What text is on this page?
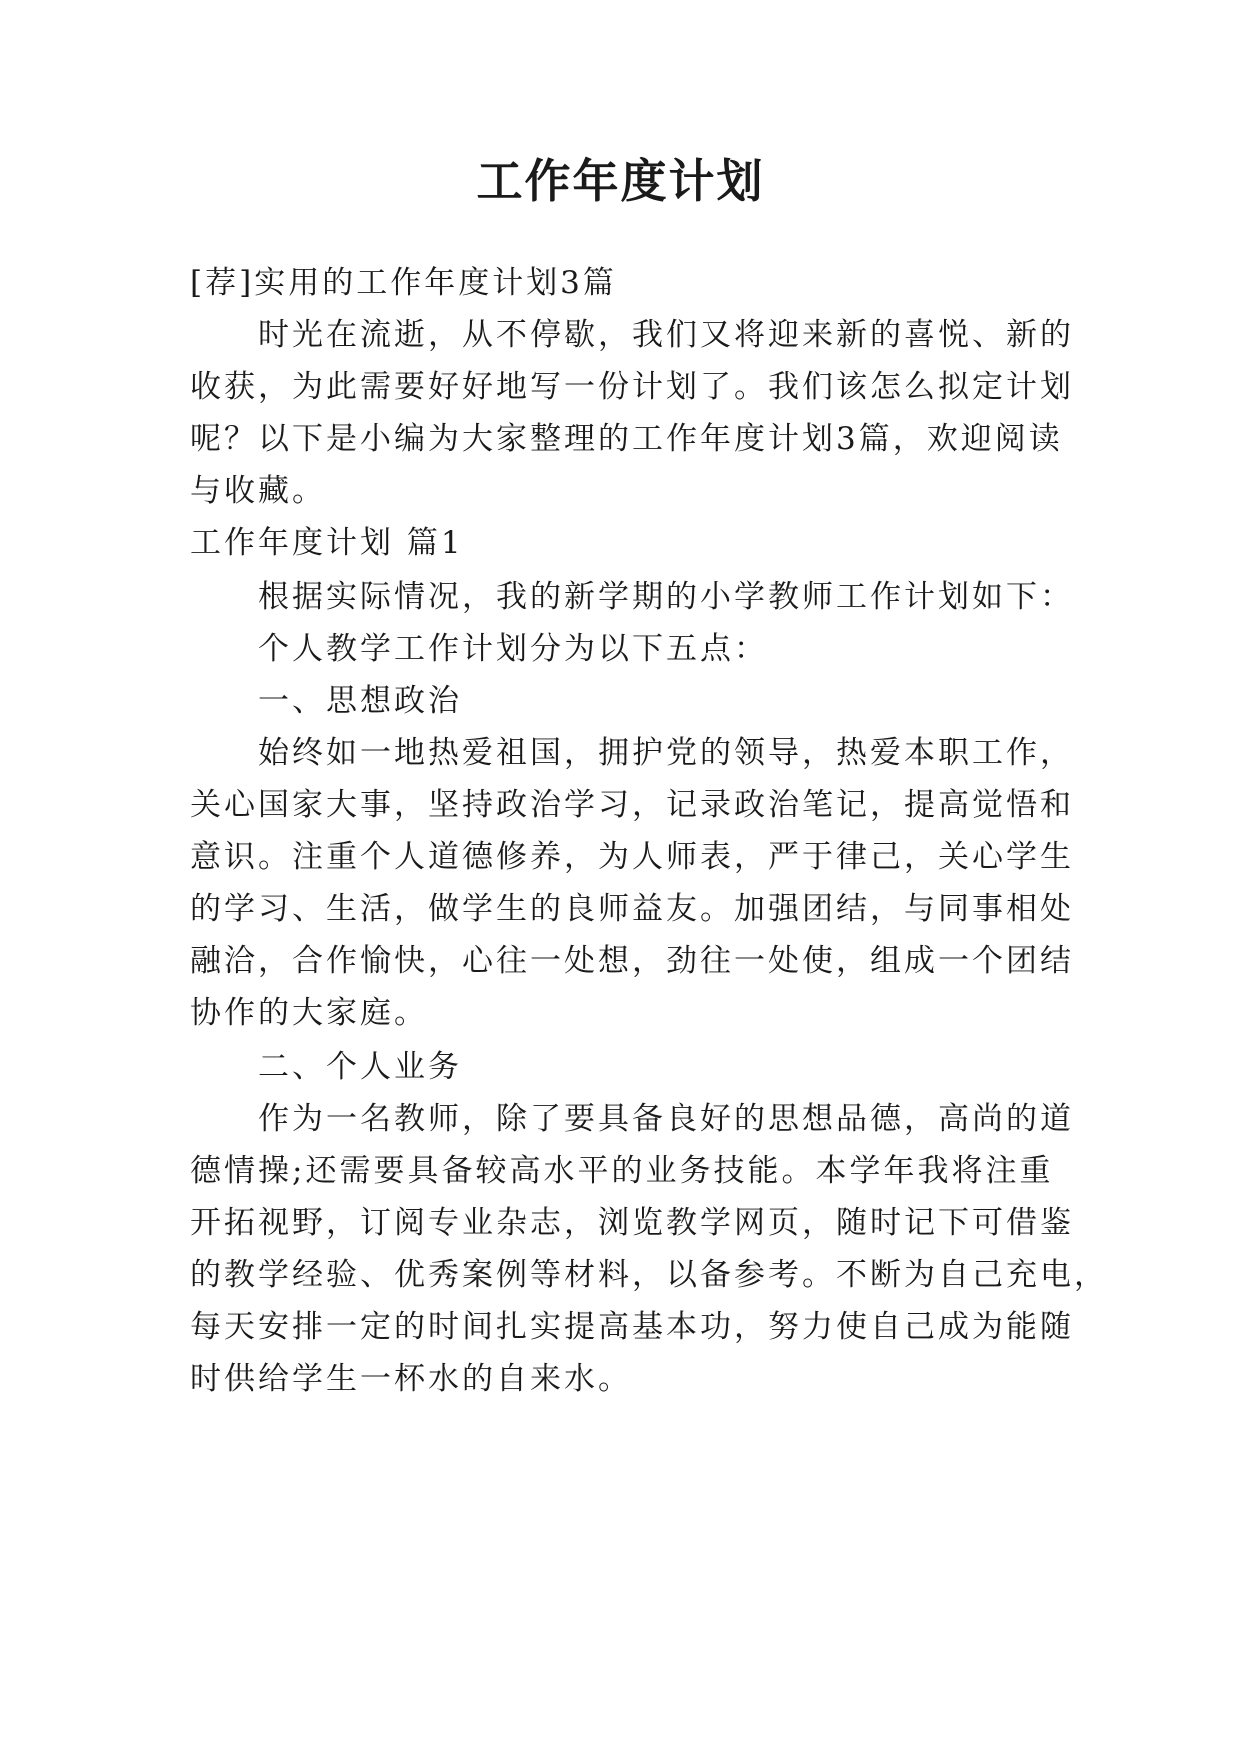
工作年度计划

[荐]实用的工作年度计划3篇

时光在流逝，从不停歇，我们又将迎来新的喜悦、新的

收获，为此需要好好地写一份计划了。我们该怎么拟定计划

呢？以下是小编为大家整理的工作年度计划3篇，欢迎阅读

与收藏。

工作年度计划 篇1

根据实际情况，我的新学期的小学教师工作计划如下：

个人教学工作计划分为以下五点：

一、思想政治

始终如一地热爱祖国，拥护党的领导，热爱本职工作，

关心国家大事，坚持政治学习，记录政治笔记，提高觉悟和

意识。注重个人道德修养，为人师表，严于律己，关心学生

的学习、生活，做学生的良师益友。加强团结，与同事相处

融洽，合作愉快，心往一处想，劲往一处使，组成一个团结

协作的大家庭。

二、个人业务

作为一名教师，除了要具备良好的思想品德，高尚的道

德情操;还需要具备较高水平的业务技能。本学年我将注重

开拓视野，订阅专业杂志，浏览教学网页，随时记下可借鉴

的教学经验、优秀案例等材料，以备参考。不断为自己充电，

每天安排一定的时间扎实提高基本功，努力使自己成为能随

时供给学生一杯水的自来水。
